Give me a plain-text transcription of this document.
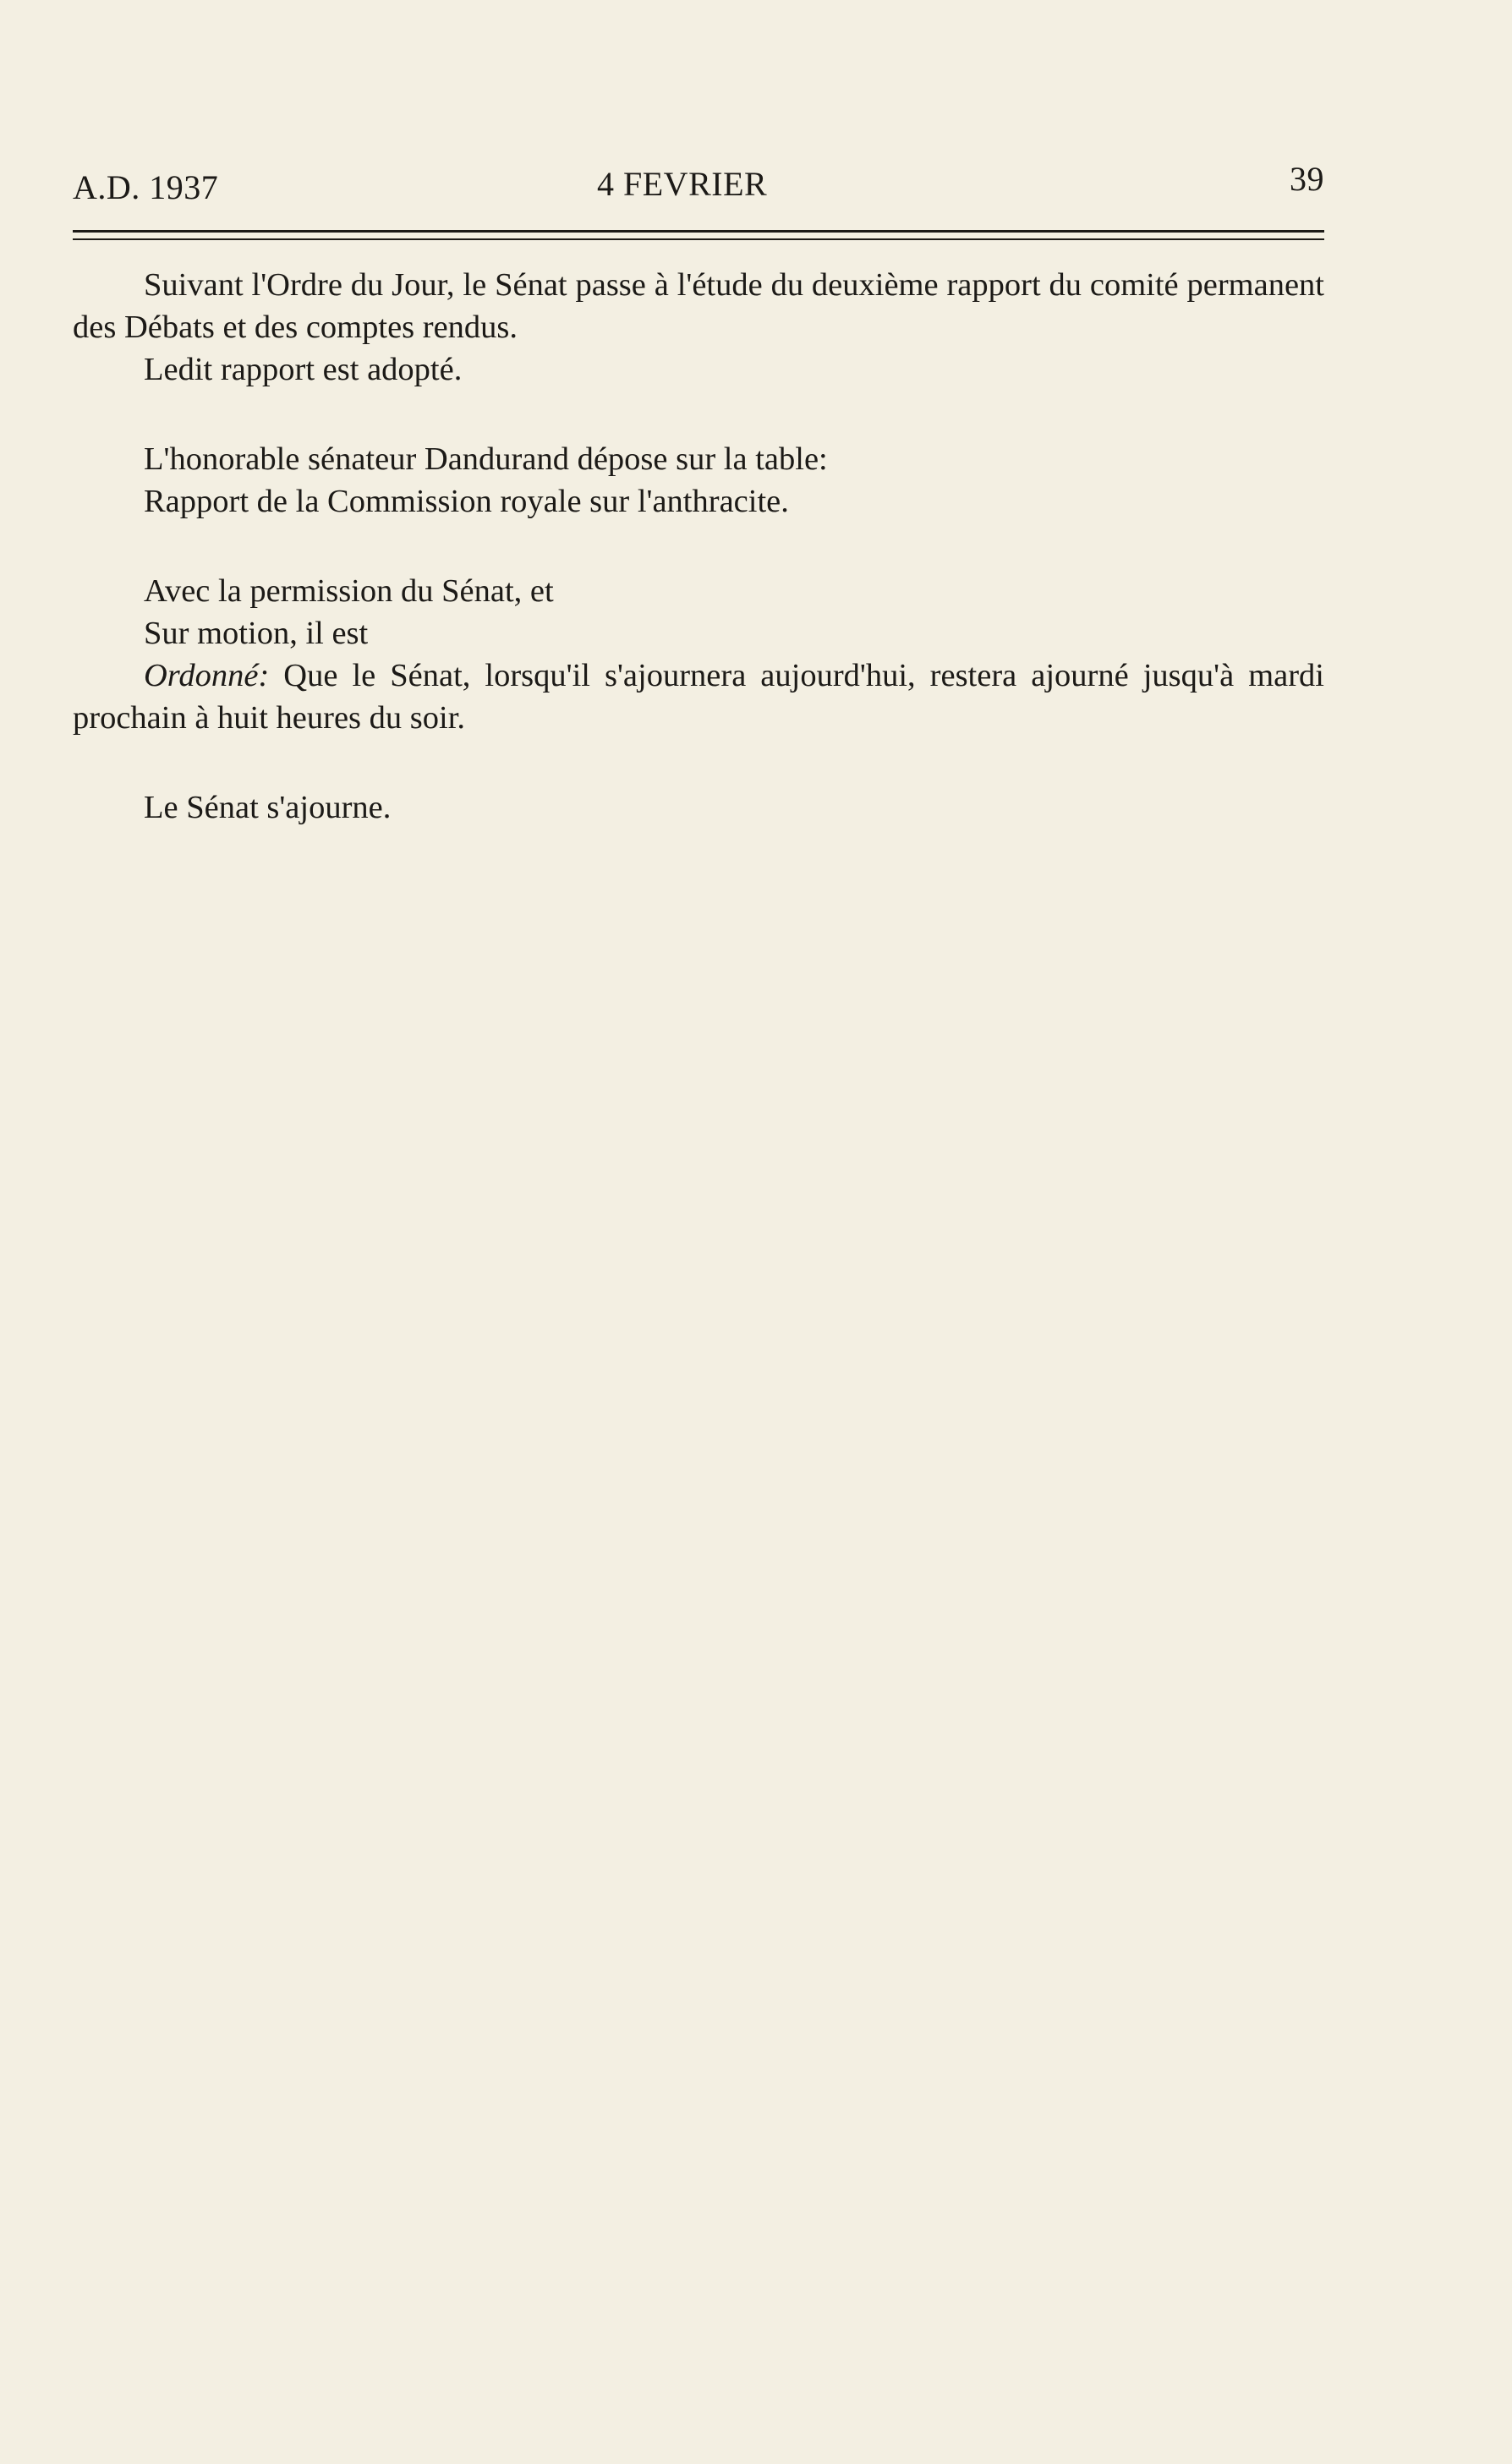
A.D. 1937	4 FEVRIER	39

Suivant l'Ordre du Jour, le Sénat passe à l'étude du deuxième rapport du comité permanent des Débats et des comptes rendus.

Ledit rapport est adopté.

L'honorable sénateur Dandurand dépose sur la table:

Rapport de la Commission royale sur l'anthracite.

Avec la permission du Sénat, et

Sur motion, il est

Ordonné: Que le Sénat, lorsqu'il s'ajournera aujourd'hui, restera ajourné jusqu'à mardi prochain à huit heures du soir.

Le Sénat s'ajourne.
